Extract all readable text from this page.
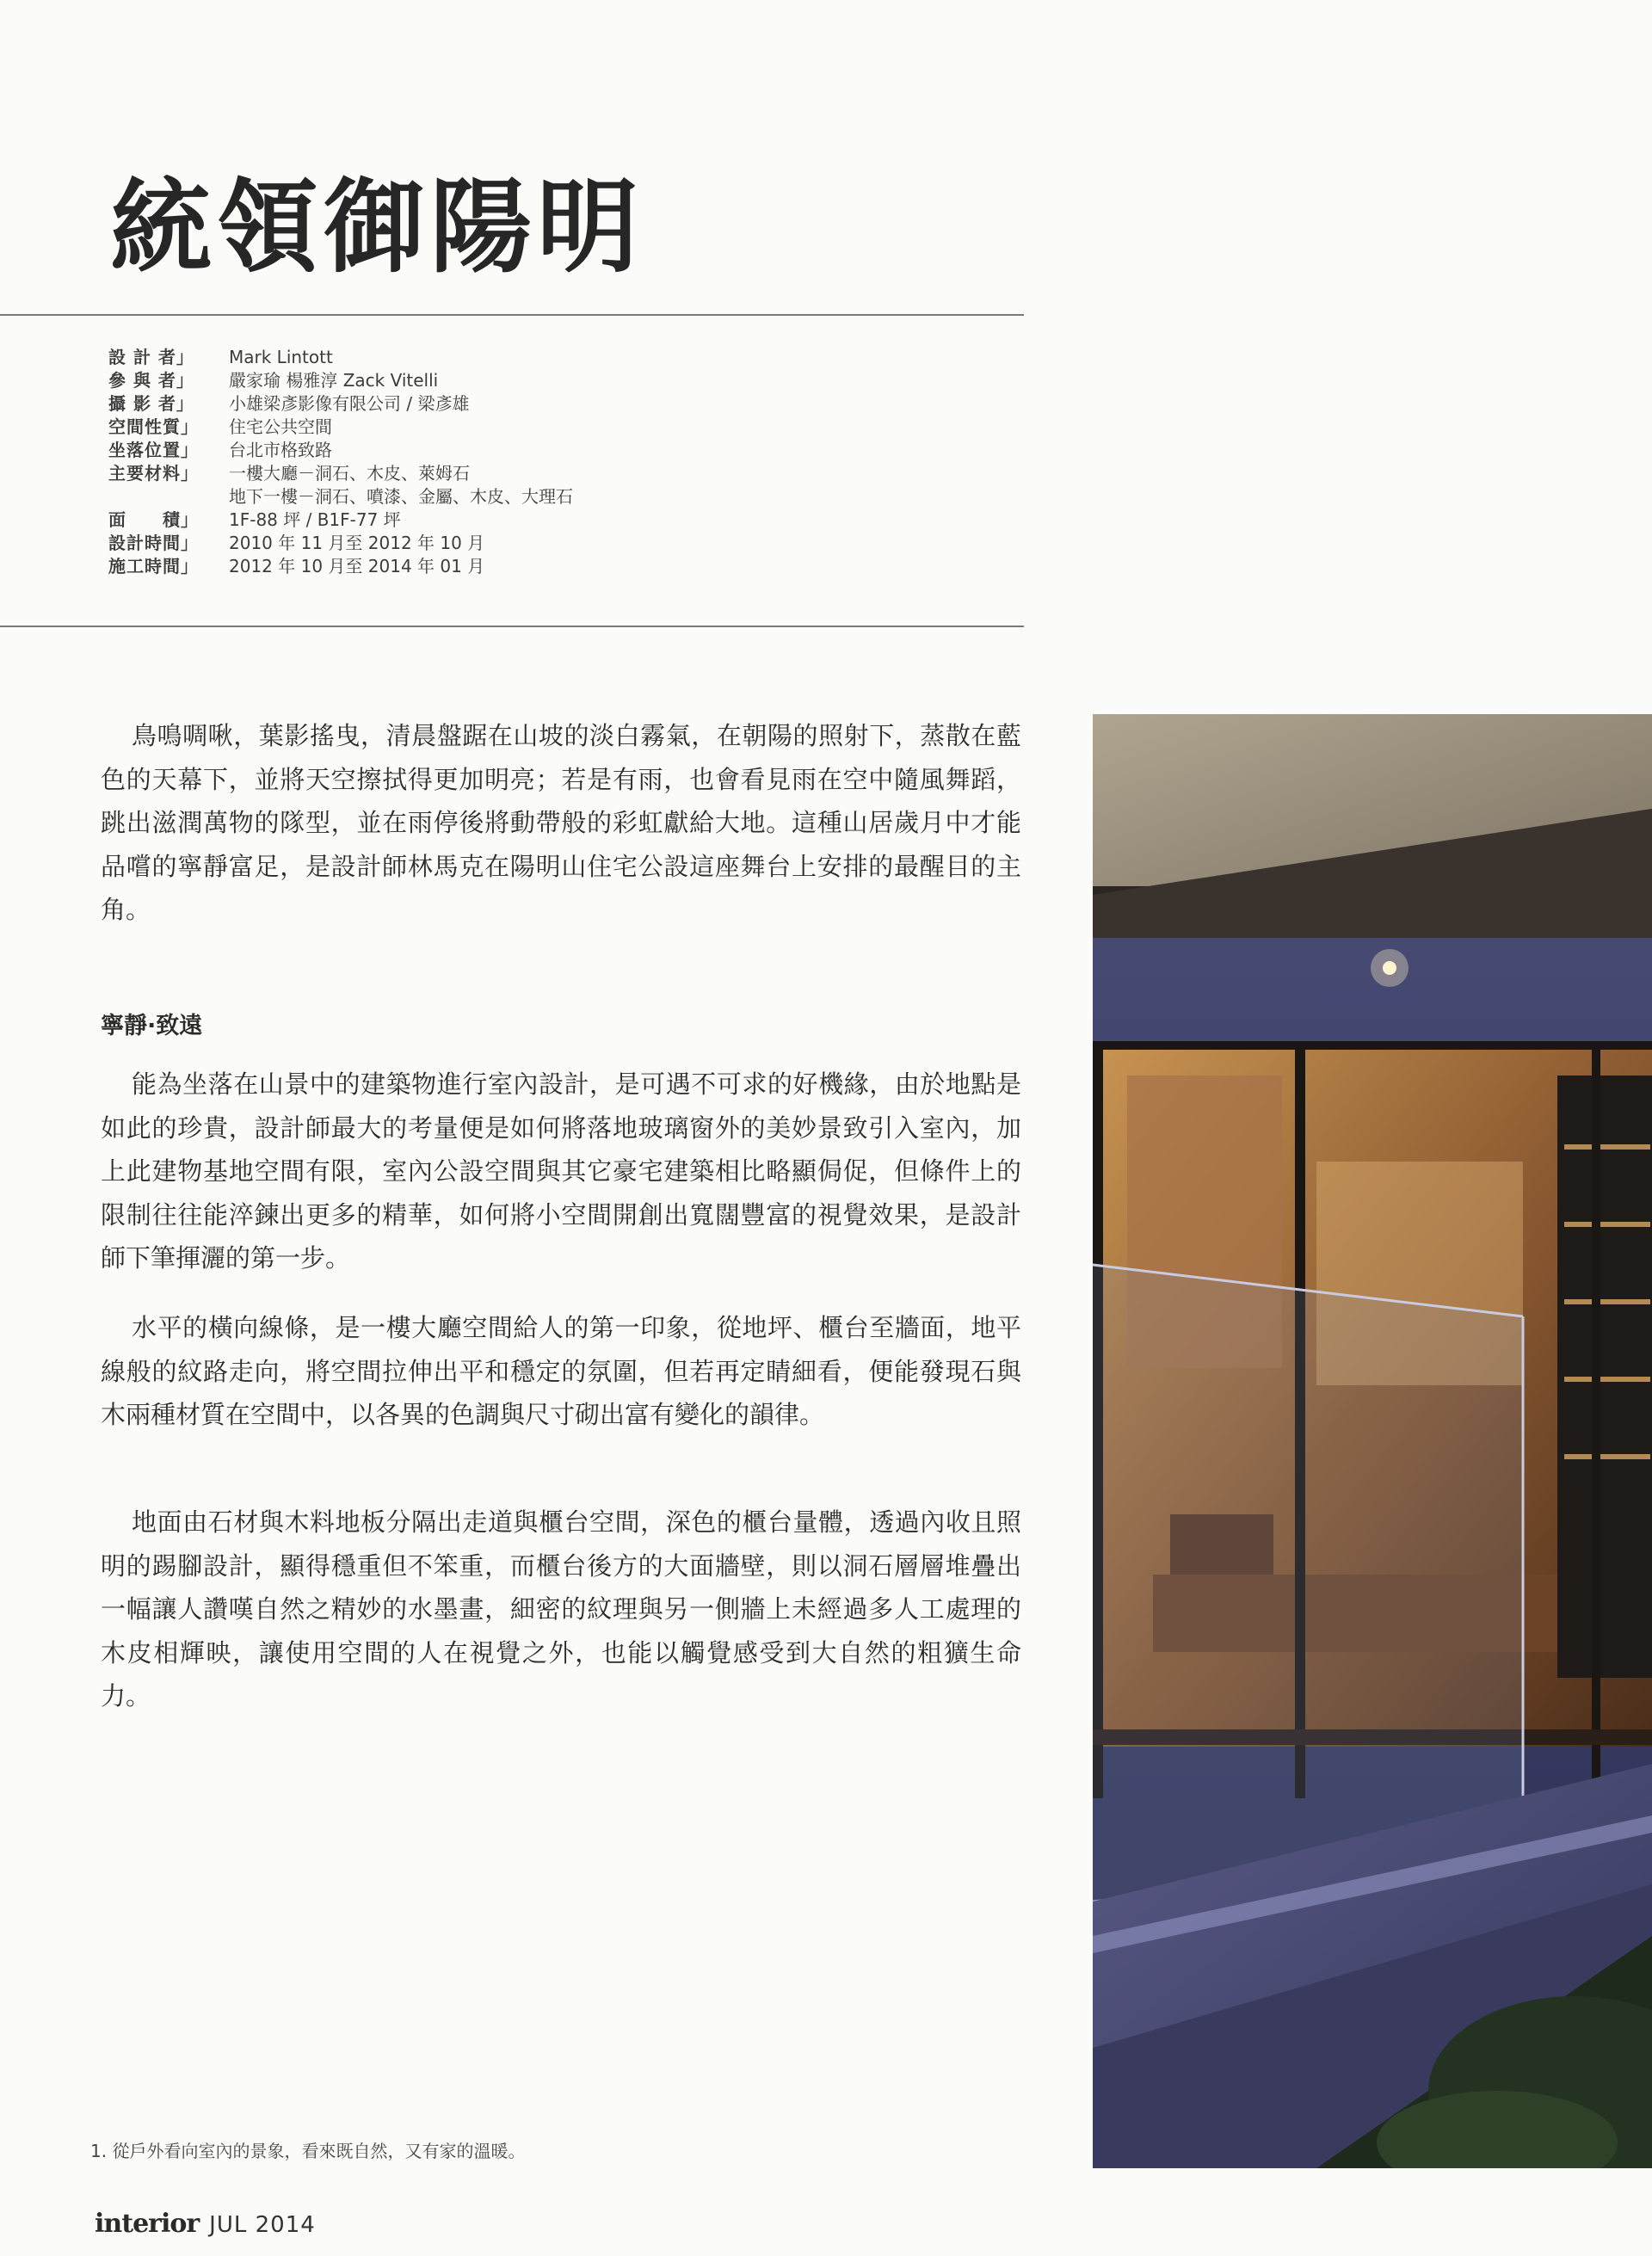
統領御陽明
設 計 者」	Mark Lintott
參 與 者」	嚴家瑜 楊雅淳 Zack Vitelli
攝 影 者」	小雄梁彥影像有限公司 / 梁彥雄
空間性質」	住宅公共空間
坐落位置」	台北市格致路
主要材料」	一樓大廳－洞石、木皮、萊姆石
地下一樓－洞石、噴漆、金屬、木皮、大理石
面　　積」	1F-88 坪 / B1F-77 坪
設計時間」	2010 年 11 月至 2012 年 10 月
施工時間」	2012 年 10 月至 2014 年 01 月

鳥鳴啁啾，葉影搖曳，清晨盤踞在山坡的淡白霧氣，在朝陽的照射下，蒸散在藍色的天幕下，並將天空擦拭得更加明亮；若是有雨，也會看見雨在空中隨風舞蹈，跳出滋潤萬物的隊型，並在雨停後將動帶般的彩虹獻給大地。這種山居歲月中才能品嚐的寧靜富足，是設計師林馬克在陽明山住宅公設這座舞台上安排的最醒目的主角。

寧靜·致遠

能為坐落在山景中的建築物進行室內設計，是可遇不可求的好機緣，由於地點是如此的珍貴，設計師最大的考量便是如何將落地玻璃窗外的美妙景致引入室內，加上此建物基地空間有限，室內公設空間與其它豪宅建築相比略顯侷促，但條件上的限制往往能淬鍊出更多的精華，如何將小空間開創出寬闊豐富的視覺效果，是設計師下筆揮灑的第一步。

水平的橫向線條，是一樓大廳空間給人的第一印象，從地坪、櫃台至牆面，地平線般的紋路走向，將空間拉伸出平和穩定的氛圍，但若再定睛細看，便能發現石與木兩種材質在空間中，以各異的色調與尺寸砌出富有變化的韻律。

地面由石材與木料地板分隔出走道與櫃台空間，深色的櫃台量體，透過內收且照明的踢腳設計，顯得穩重但不笨重，而櫃台後方的大面牆壁，則以洞石層層堆疊出一幅讓人讚嘆自然之精妙的水墨畫，細密的紋理與另一側牆上未經過多人工處理的木皮相輝映，讓使用空間的人在視覺之外，也能以觸覺感受到大自然的粗獷生命力。

1. 從戶外看向室內的景象，看來既自然，又有家的溫暖。
interior JUL 2014
